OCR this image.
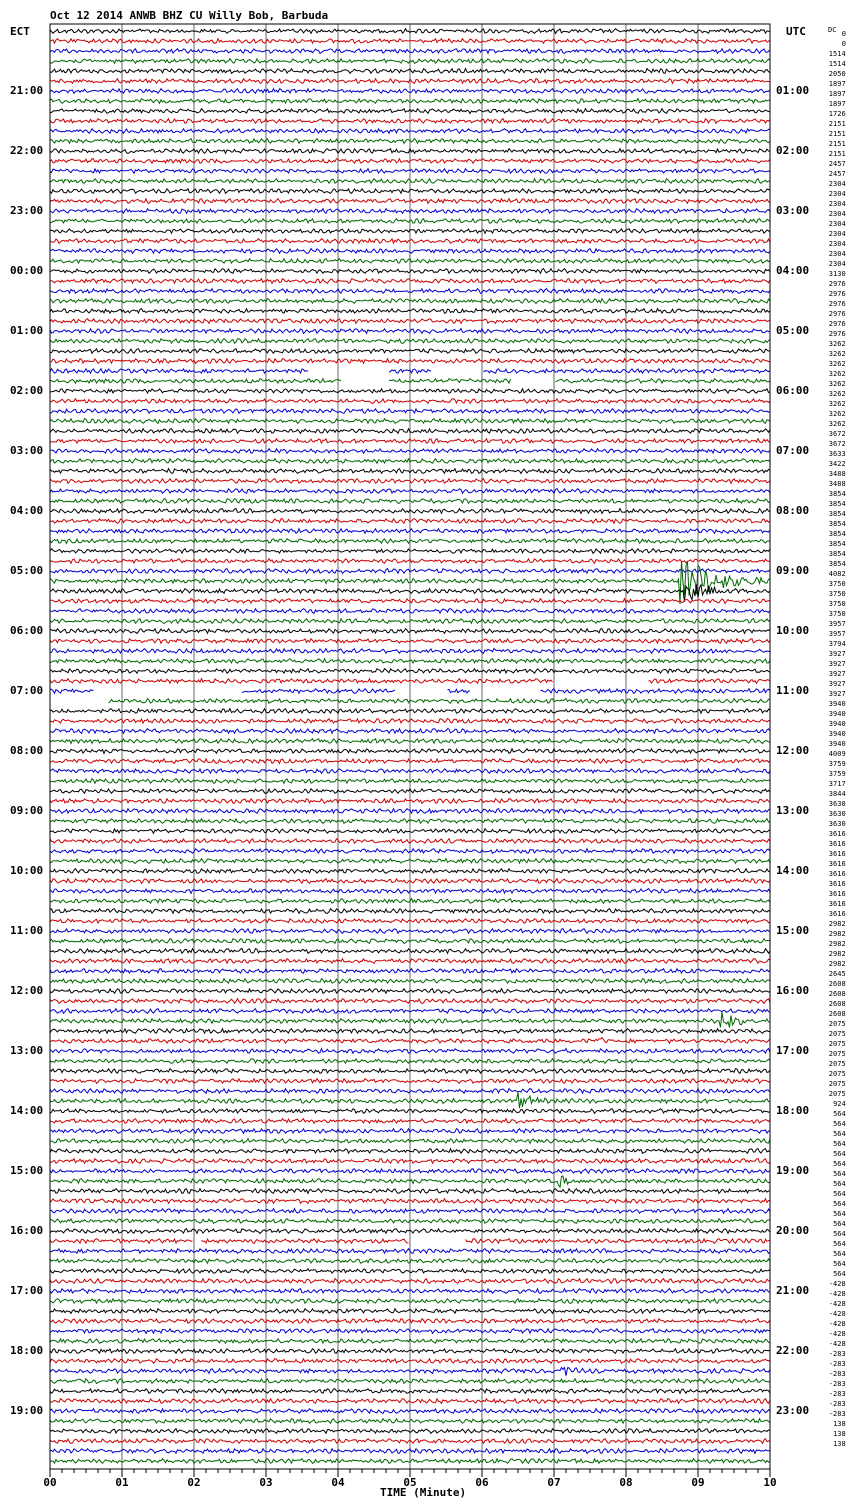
Oct 12 2014 ANWB BHZ CU Willy Bob, Barbuda
ECT	UTC	DC
21:00
22:00
23:00
00:00
01:00
02:00
03:00
04:00
05:00
06:00
07:00
08:00
09:00
10:00
11:00
12:00
13:00
14:00
15:00
16:00
17:00
18:00
19:00
01:00
02:00
03:00
04:00
05:00
06:00
07:00
08:00
09:00
10:00
11:00
12:00
13:00
14:00
15:00
16:00
17:00
18:00
19:00
20:00
21:00
22:00
23:00
0
0
1514
1514
2050
1897
1897
1897
1726
2151
2151
2151
2151
2457
2457
2304
2304
2304
2304
2304
2304
2304
2304
2304
3130
2976
2976
2976
2976
2976
2976
3262
3262
3262
3262
3262
3262
3262
3262
3262
3672
3672
3633
3422
3488
3488
3854
3854
3854
3854
3854
3854
3854
3854
4082
3750
3750
3750
3750
3957
3957
3794
3927
3927
3927
3927
3927
3940
3940
3940
3940
3940
4009
3759
3759
3717
3844
3630
3630
3630
3616
3616
3616
3616
3616
3616
3616
3616
3616
2982
2982
2982
2982
2982
2645
2608
2608
2608
2608
2075
2075
2075
2075
2075
2075
2075
2075
924
564
564
564
564
564
564
564
564
564
564
564
564
564
564
564
564
564
-428
-428
-428
-428
-428
-428
-428
-283
-283
-283
-283
-283
-283
-283
138
138
138
00	01	02	03	04	05	06	07	08	09	10
TIME (Minute)
